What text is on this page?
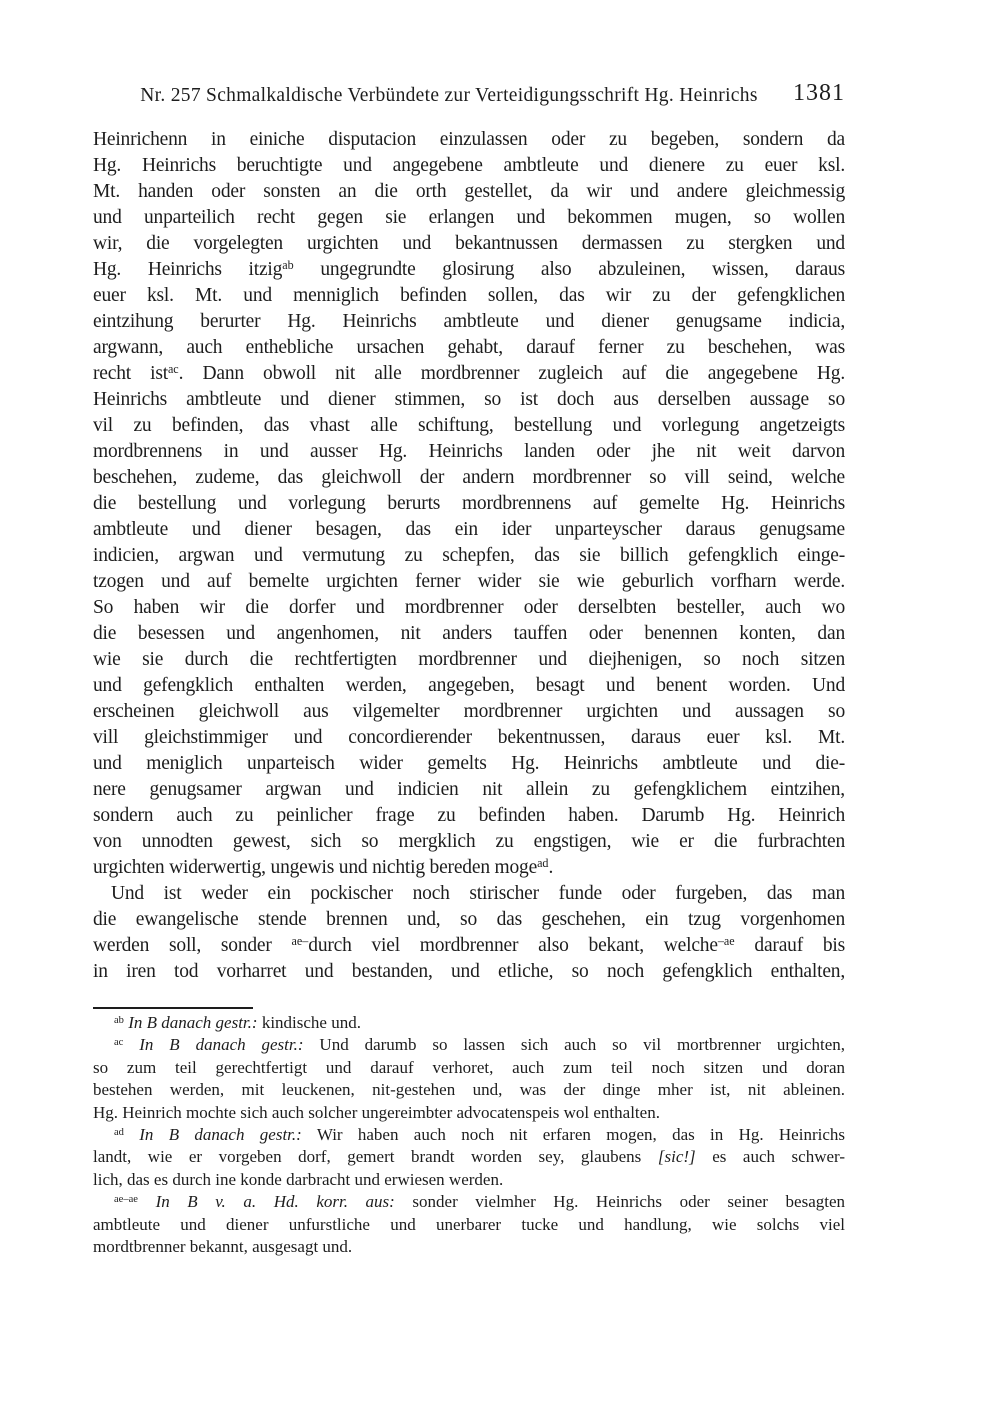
Nr. 257 Schmalkaldische Verbündete zur Verteidigungsschrift Hg. Heinrichs	1381
Heinrichenn in einiche disputacion einzulassen oder zu begeben, sondern da
Hg. Heinrichs beruchtigte und angegebene ambtleute und dienere zu euer ksl.
Mt. handen oder sonsten an die orth gestellet, da wir und andere gleichmessig
und unparteilich recht gegen sie erlangen und bekommen mugen, so wollen
wir, die vorgelegten urgichten und bekantnussen dermassen zu stergken und
Hg. Heinrichs itzig$^{ab}$ ungegrundte glosirung also abzuleinen, wissen, daraus
euer ksl. Mt. und menniglich befinden sollen, das wir zu der gefengklichen
eintzihung berurter Hg. Heinrichs ambtleute und diener genugsame indicia,
argwann, auch enthebliche ursachen gehabt, darauf ferner zu beschehen, was
recht ist$^{ac}$. Dann obwoll nit alle mordbrenner zugleich auf die angegebene Hg.
Heinrichs ambtleute und diener stimmen, so ist doch aus derselben aussage so
vil zu befinden, das vhast alle schiftung, bestellung und vorlegung angetzeigts
mordbrennens in und ausser Hg. Heinrichs landen oder jhe nit weit darvon
beschehen, zudeme, das gleichwoll der andern mordbrenner so vill seind, welche
die bestellung und vorlegung berurts mordbrennens auf gemelte Hg. Heinrichs
ambtleute und diener besagen, das ein ider unparteyscher daraus genugsame
indicien, argwan und vermutung zu schepfen, das sie billich gefengklich einge-
tzogen und auf bemelte urgichten ferner wider sie wie geburlich vorfharn werde.
So haben wir die dorfer und mordbrenner oder derselbten besteller, auch wo
die besessen und angenhomen, nit anders tauffen oder benennen konten, dan
wie sie durch die rechtfertigten mordbrenner und diejhenigen, so noch sitzen
und gefengklich enthalten werden, angegeben, besagt und benent worden. Und
erscheinen gleichwoll aus vilgemelter mordbrenner urgichten und aussagen so
vill gleichstimmiger und concordierender bekentnussen, daraus euer ksl. Mt.
und meniglich unparteisch wider gemelts Hg. Heinrichs ambtleute und die-
nere genugsamer argwan und indicien nit allein zu gefengklichem eintzihen,
sondern auch zu peinlicher frage zu befinden haben. Darumb Hg. Heinrich
von unnodten gewest, sich so mergklich zu engstigen, wie er die furbrachten
urgichten widerwertig, ungewis und nichtig bereden moge$^{ad}$.
Und ist weder ein pockischer noch stirischer funde oder furgeben, das man
die ewangelische stende brennen und, so das geschehen, ein tzug vorgenhomen
werden soll, sonder $^{ae-}$durch viel mordbrenner also bekant, welche$^{-ae}$ darauf bis
in iren tod vorharret und bestanden, und etliche, so noch gefengklich enthalten,
$^{ab}$ In B danach gestr.: kindische und.
$^{ac}$ In B danach gestr.: Und darumb so lassen sich auch so vil mortbrenner urgichten,
so zum teil gerechtfertigt und darauf verhoret, auch zum teil noch sitzen und doran
bestehen werden, mit leuckenen, nit-gestehen und, was der dinge mher ist, nit ableinen.
Hg. Heinrich mochte sich auch solcher ungereimbter advocatenspeis wol enthalten.
$^{ad}$ In B danach gestr.: Wir haben auch noch nit erfaren mogen, das in Hg. Heinrichs
landt, wie er vorgeben dorf, gemert brandt worden sey, glaubens [sic!] es auch schwer-
lich, das es durch ine konde darbracht und erwiesen werden.
$^{ae-ae}$ In B v. a. Hd. korr. aus: sonder vielmher Hg. Heinrichs oder seiner besagten
ambtleute und diener unfurstliche und unerbarer tucke und handlung, wie solchs viel
mordtbrenner bekannt, ausgesagt und.
